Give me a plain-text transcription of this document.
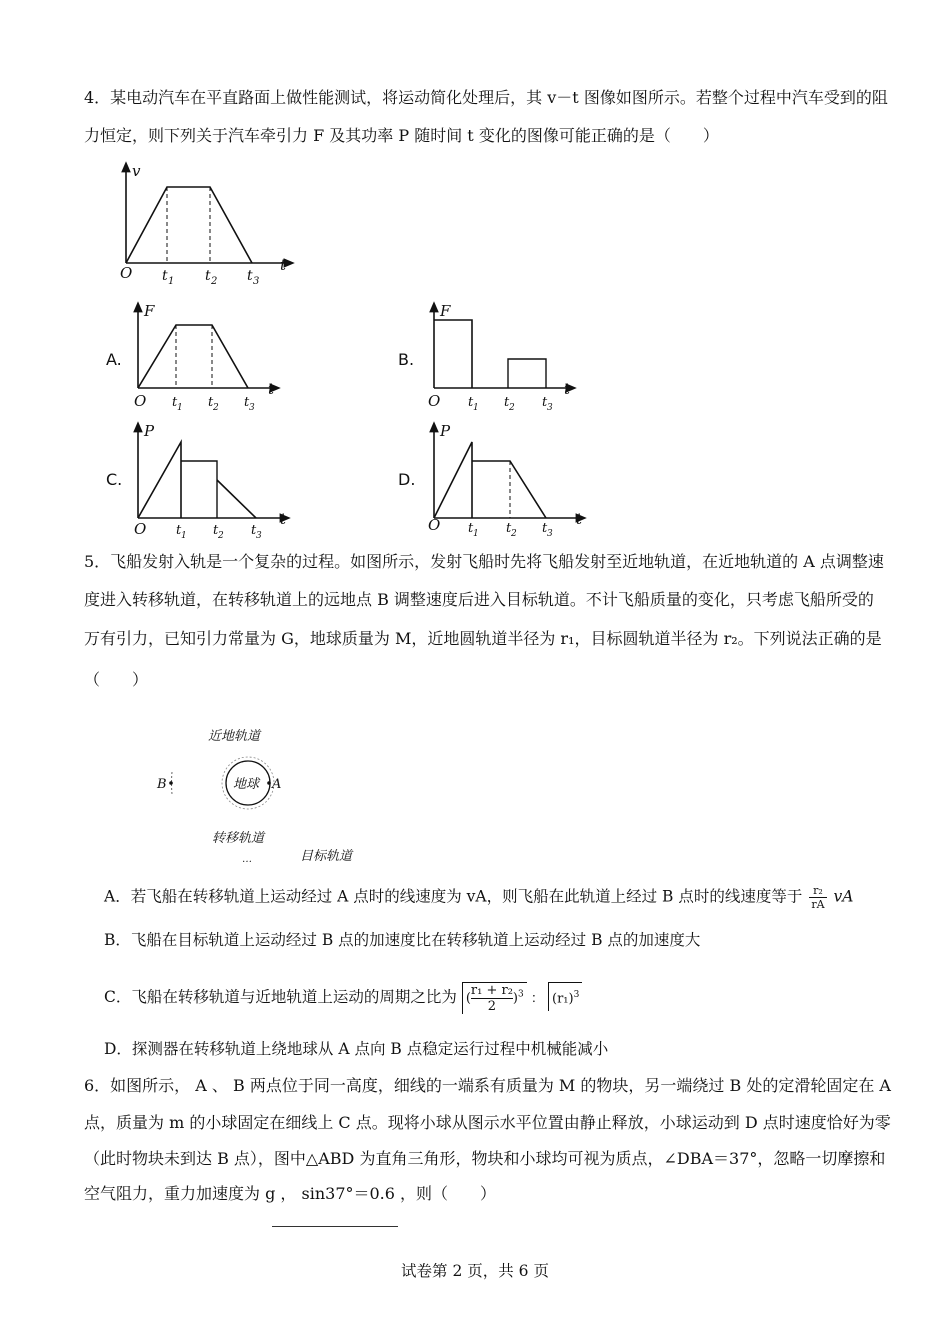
4．某电动汽车在平直路面上做性能测试，将运动简化处理后，其 v－t 图像如图所示。若整个过程中汽车受到的阻
力恒定，则下列关于汽车牵引力 F 及其功率 P 随时间 t 变化的图像可能正确的是（　　）
v
t
O t 1 t 2 t 3
A.
F
t
O t 1 t 2 t 3
B.
F
t
O t 1 t 2 t 3
C.
P
t
O t 1 t 2 t 3
D.
P
t
O t 1 t 2 t 3
5．飞船发射入轨是一个复杂的过程。如图所示，发射飞船时先将飞船发射至近地轨道，在近地轨道的 A 点调整速
度进入转移轨道，在转移轨道上的远地点 B 调整速度后进入目标轨道。不计飞船质量的变化，只考虑飞船所受的
万有引力，已知引力常量为 G，地球质量为 M，近地圆轨道半径为 r₁，目标圆轨道半径为 r₂。下列说法正确的是
（　　）
近地轨道
地球 A
B
转移轨道
…	目标轨道
A．若飞船在转移轨道上运动经过 A 点时的线速度为 vA，则飞船在此轨道上经过 B 点时的线速度等于 $\frac{\text{r₂}}{rA}$ vA
B．飞船在目标轨道上运动经过 B 点的加速度比在转移轨道上运动经过 B 点的加速度大
C．飞船在转移轨道与近地轨道上运动的周期之比为 ( $\frac{\text{r₁ + r₂}}{2} )^3$ ： $(r_1)^3$
D．探测器在转移轨道上绕地球从 A 点向 B 点稳定运行过程中机械能减小
6．如图所示， A 、 B 两点位于同一高度，细线的一端系有质量为 M 的物块，另一端绕过 B 处的定滑轮固定在 A
点，质量为 m 的小球固定在细线上 C 点。现将小球从图示水平位置由静止释放，小球运动到 D 点时速度恰好为零
（此时物块未到达 B 点），图中△ABD 为直角三角形，物块和小球均可视为质点，∠DBA＝37°，忽略一切摩擦和
空气阻力，重力加速度为 g ， sin37°＝0.6 ，则（　　）
试卷第 2 页，共 6 页
